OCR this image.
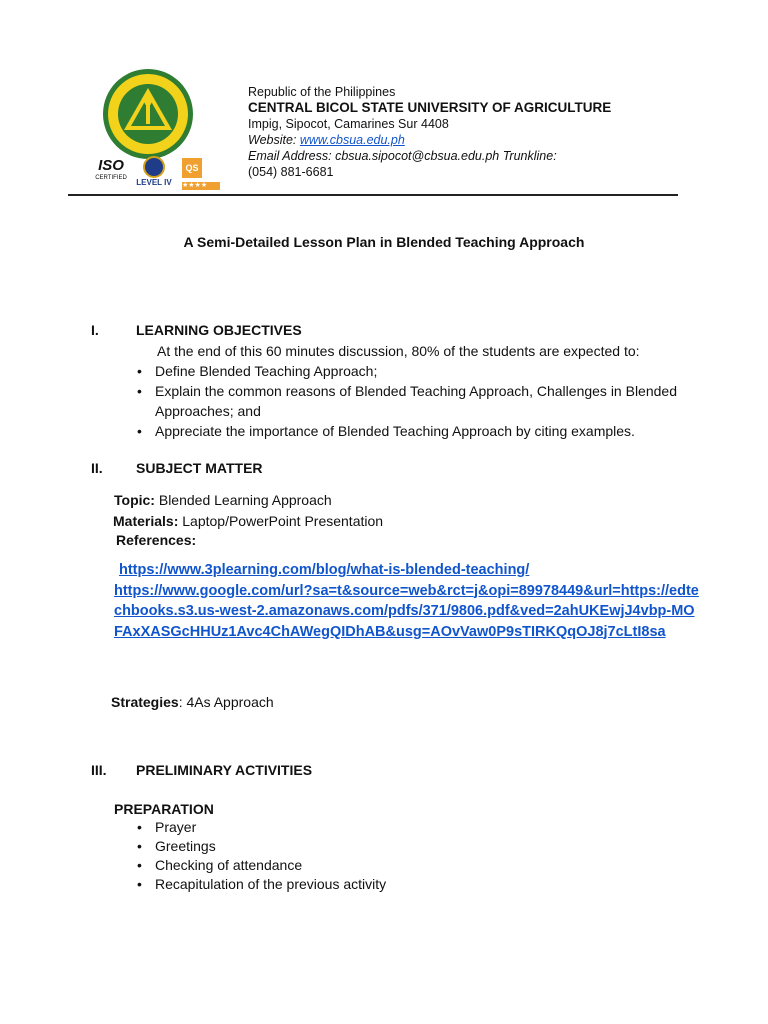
ISO
CERTIFIED	LEVEL IV
QS
★★★★
Republic of the Philippines
CENTRAL BICOL STATE UNIVERSITY OF AGRICULTURE
Impig, Sipocot, Camarines Sur 4408
Website: www.cbsua.edu.ph
Email Address: cbsua.sipocot@cbsua.edu.ph Trunkline:
(054) 881-6681
A Semi-Detailed Lesson Plan in Blended Teaching Approach
I.	LEARNING OBJECTIVES
At the end of this 60 minutes discussion, 80% of the students are expected to:
• Define Blended Teaching Approach;
• Explain the common reasons of Blended Teaching Approach, Challenges in Blended Approaches; and
• Appreciate the importance of Blended Teaching Approach by citing examples.
II. SUBJECT MATTER
Topic: Blended Learning Approach
Materials: Laptop/PowerPoint Presentation
References:
https://www.3plearning.com/blog/what-is-blended-teaching/
https://www.google.com/url?sa=t&source=web&rct=j&opi=89978449&url=https://edtechbooks.s3.us-west-2.amazonaws.com/pdfs/371/9806.pdf&ved=2ahUKEwjJ4vbp-MOFAxXASGcHHUz1Avc4ChAWegQIDhAB&usg=AOvVaw0P9sTIRKQqOJ8j7cLtI8sa
Strategies: 4As Approach
III. PRELIMINARY ACTIVITIES
PREPARATION
• Prayer
• Greetings
• Checking of attendance
• Recapitulation of the previous activity
